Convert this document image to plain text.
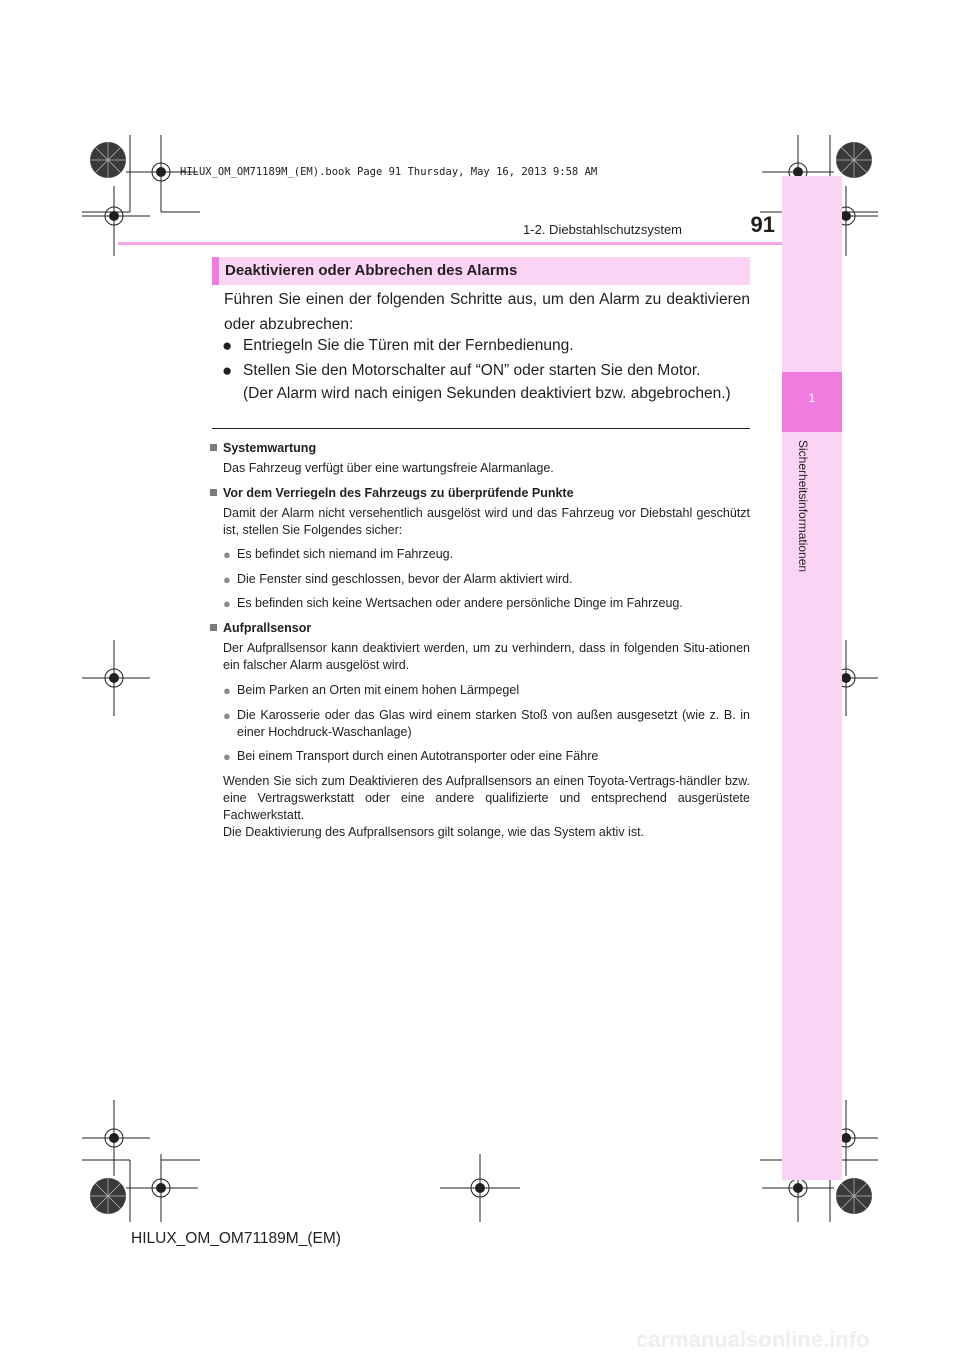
HILUX_OM_OM71189M_(EM).book Page 91 Thursday, May 16, 2013 9:58 AM
1
Sicherheitsinformationen
1-2. Diebstahlschutzsystem	91
Deaktivieren oder Abbrechen des Alarms
Führen Sie einen der folgenden Schritte aus, um den Alarm zu deaktivieren oder abzubrechen:
● Entriegeln Sie die Türen mit der Fernbedienung.
● Stellen Sie den Motorschalter auf “ON” oder starten Sie den Motor.
(Der Alarm wird nach einigen Sekunden deaktiviert bzw. abgebrochen.)
Systemwartung
Das Fahrzeug verfügt über eine wartungsfreie Alarmanlage.
Vor dem Verriegeln des Fahrzeugs zu überprüfende Punkte
Damit der Alarm nicht versehentlich ausgelöst wird und das Fahrzeug vor Diebstahl geschützt ist, stellen Sie Folgendes sicher:
● Es befindet sich niemand im Fahrzeug.
● Die Fenster sind geschlossen, bevor der Alarm aktiviert wird.
● Es befinden sich keine Wertsachen oder andere persönliche Dinge im Fahrzeug.
Aufprallsensor
Der Aufprallsensor kann deaktiviert werden, um zu verhindern, dass in folgenden Situ-ationen ein falscher Alarm ausgelöst wird.
● Beim Parken an Orten mit einem hohen Lärmpegel
● Die Karosserie oder das Glas wird einem starken Stoß von außen ausgesetzt (wie z. B. in einer Hochdruck-Waschanlage)
● Bei einem Transport durch einen Autotransporter oder eine Fähre
Wenden Sie sich zum Deaktivieren des Aufprallsensors an einen Toyota-Vertrags-händler bzw. eine Vertragswerkstatt oder eine andere qualifizierte und entsprechend ausgerüstete Fachwerkstatt.
Die Deaktivierung des Aufprallsensors gilt solange, wie das System aktiv ist.
HILUX_OM_OM71189M_(EM)
carmanualsonline.info
